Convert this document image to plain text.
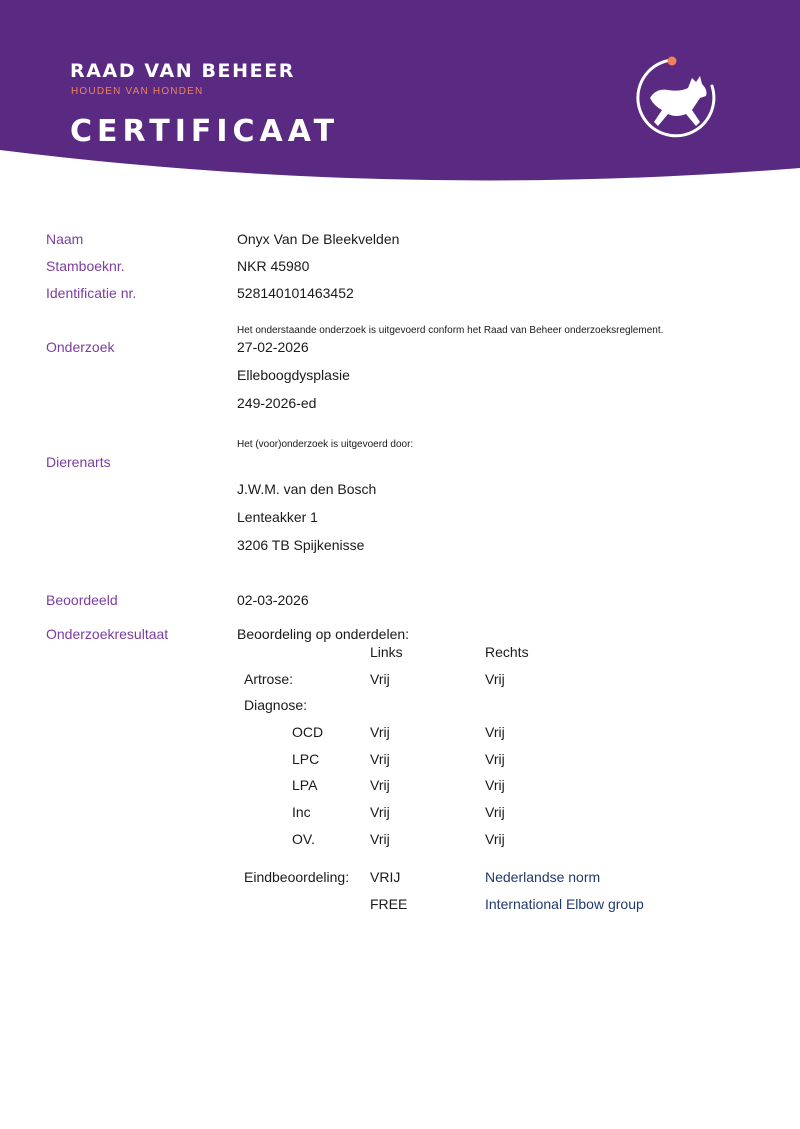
RAAD VAN BEHEER
HOUDEN VAN HONDEN
CERTIFICAAT
Naam	Onyx Van De Bleekvelden
Stamboeknr.	NKR 45980
Identificatie nr.	528140101463452
Het onderstaande onderzoek is uitgevoerd conform het Raad van Beheer onderzoeksreglement.
Onderzoek	27-02-2026
Elleboogdysplasie
249-2026-ed
Het (voor)onderzoek is uitgevoerd door:
Dierenarts
J.W.M. van den Bosch
Lenteakker 1
3206 TB Spijkenisse
Beoordeeld	02-03-2026
Onderzoekresultaat	Beoordeling op onderdelen:
Links	Rechts
Artrose:	Vrij	Vrij
Diagnose:
OCD	Vrij	Vrij
LPC	Vrij	Vrij
LPA	Vrij	Vrij
Inc	Vrij	Vrij
OV.	Vrij	Vrij
Eindbeoordeling: VRIJ	Nederlandse norm
FREE	International Elbow group
